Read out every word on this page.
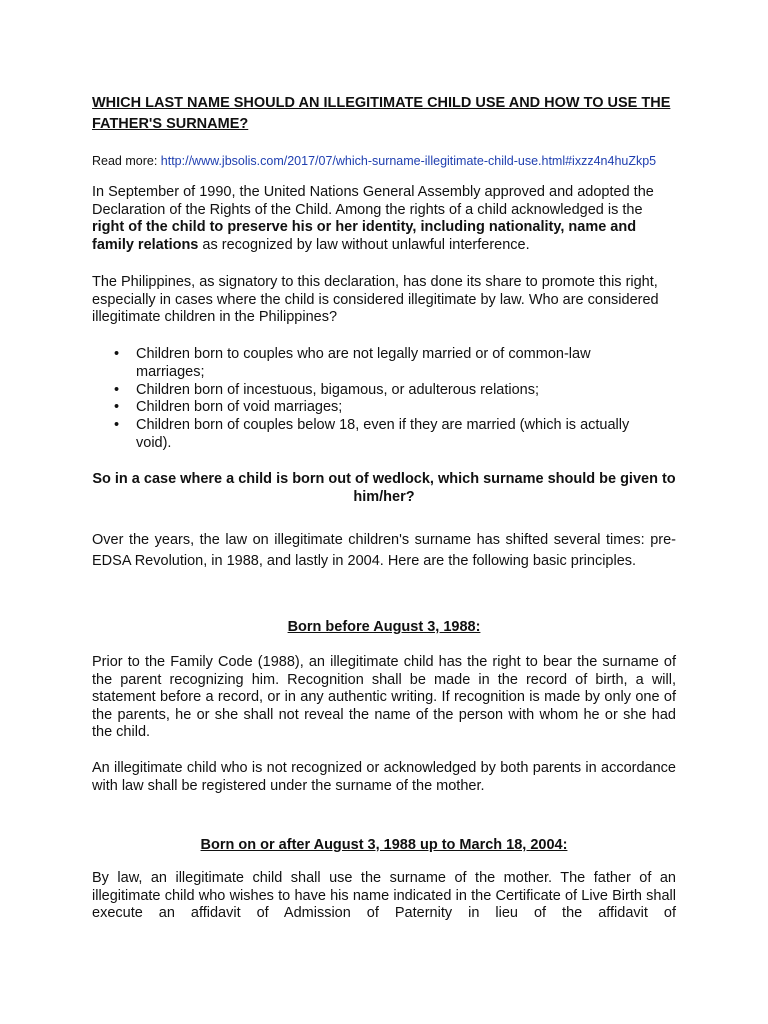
WHICH LAST NAME SHOULD AN ILLEGITIMATE CHILD USE AND HOW TO USE THE FATHER'S SURNAME?
Read more: http://www.jbsolis.com/2017/07/which-surname-illegitimate-child-use.html#ixzz4n4huZkp5

In September of 1990, the United Nations General Assembly approved and adopted the Declaration of the Rights of the Child. Among the rights of a child acknowledged is the right of the child to preserve his or her identity, including nationality, name and family relations as recognized by law without unlawful interference.

The Philippines, as signatory to this declaration, has done its share to promote this right, especially in cases where the child is considered illegitimate by law. Who are considered illegitimate children in the Philippines?

• Children born to couples who are not legally married or of common-law marriages;
• Children born of incestuous, bigamous, or adulterous relations;
• Children born of void marriages;
• Children born of couples below 18, even if they are married (which is actually void).

So in a case where a child is born out of wedlock, which surname should be given to him/her?

Over the years, the law on illegitimate children's surname has shifted several times: pre-EDSA Revolution, in 1988, and lastly in 2004. Here are the following basic principles.

Born before August 3, 1988:

Prior to the Family Code (1988), an illegitimate child has the right to bear the surname of the parent recognizing him. Recognition shall be made in the record of birth, a will, statement before a record, or in any authentic writing. If recognition is made by only one of the parents, he or she shall not reveal the name of the person with whom he or she had the child.

An illegitimate child who is not recognized or acknowledged by both parents in accordance with law shall be registered under the surname of the mother.

Born on or after August 3, 1988 up to March 18, 2004:

By law, an illegitimate child shall use the surname of the mother. The father of an illegitimate child who wishes to have his name indicated in the Certificate of Live Birth shall execute an affidavit of Admission of Paternity in lieu of the affidavit of
